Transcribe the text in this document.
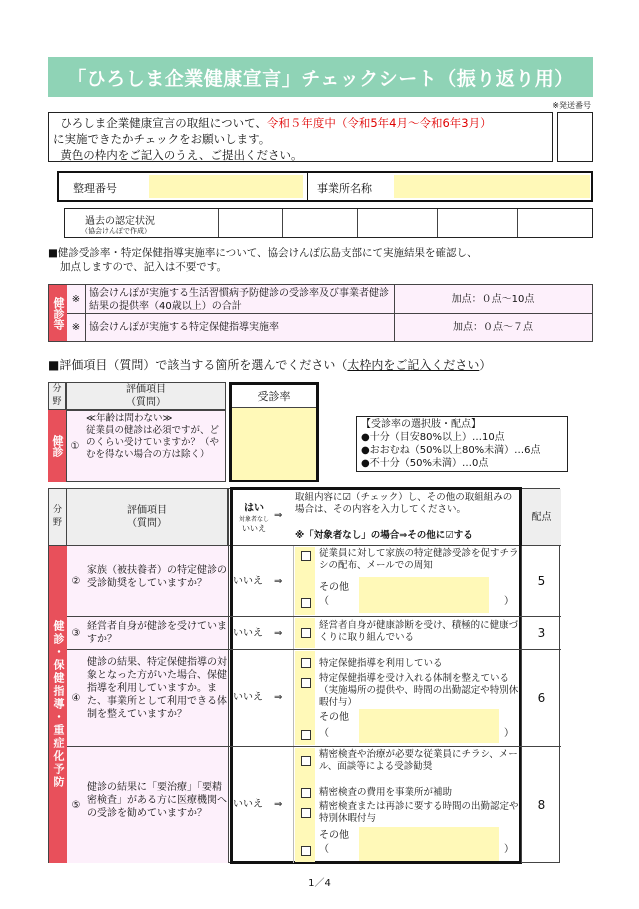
「ひろしま企業健康宣言」チェックシート（振り返り用）
※発送番号
ひろしま企業健康宣言の取組について、令和５年度中（令和5年4月～令和6年3月）
に実施できたかチェックをお願いします。
黄色の枠内をご記入のうえ、ご提出ください。
整理番号	事業所名称
過去の認定状況
（協会けんぽで作成）
■健診受診率・特定保健指導実施率について、協会けんぽ広島支部にて実施結果を確認し、
加点しますので、記入は不要です。
健診等 ※ 協会けんぽが実施する生活習慣病予防健診の受診率及び事業者健診結果の提供率（40歳以上）の合計
加点：０点～10点
※ 協会けんぽが実施する特定保健指導実施率	加点：０点～７点
■評価項目（質問）で該当する箇所を選んでください（太枠内をご記入ください）
分野
評価項目
（質問）
健診 ①
≪年齢は問わない≫
従業員の健診は必須ですが、どのくらい受けていますか？（やむを得ない場合の方は除く）
受診率
【受診率の選択肢・配点】
●十分（目安80%以上）…10点
●おおむね（50%以上80%未満）…6点
●不十分（50%未満）…0点
分野
評価項目
（質問）
はい
対象者なし
いいえ
⇒
取組内容に☑（チェック）し、その他の取組組みの場合は、その内容を入力してください。
※「対象者なし」の場合⇒その他に☑する
配点
健診・保健指導・重症化予防
②
家族（被扶養者）の特定健診の受診勧奨をしていますか？	いいえ ⇒
従業員に対して家族の特定健診受診を促すチラシの配布、メールでの周知
その他
（	）
5
③
経営者自身が健診を受けていますか？
いいえ ⇒
経営者自身が健康診断を受け、積極的に健康づくりに取り組んでいる	3
④
健診の結果、特定保健指導の対象となった方がいた場合、保健指導を利用していますか。また、事業所として利用できる体制を整えていますか？
いいえ ⇒
特定保健指導を利用している
特定保健指導を受け入れる体制を整えている（実施場所の提供や、時間の出勤認定や特別休暇付与）
その他
（	）
6
⑤
健診の結果に「要治療」「要精密検査」がある方に医療機関への受診を勧めていますか？
いいえ ⇒
精密検査や治療が必要な従業員にチラシ、メール、面談等による受診勧奨
精密検査の費用を事業所が補助
精密検査または再診に要する時間の出勤認定や特別休暇付与
その他
（	）
8
1／4
